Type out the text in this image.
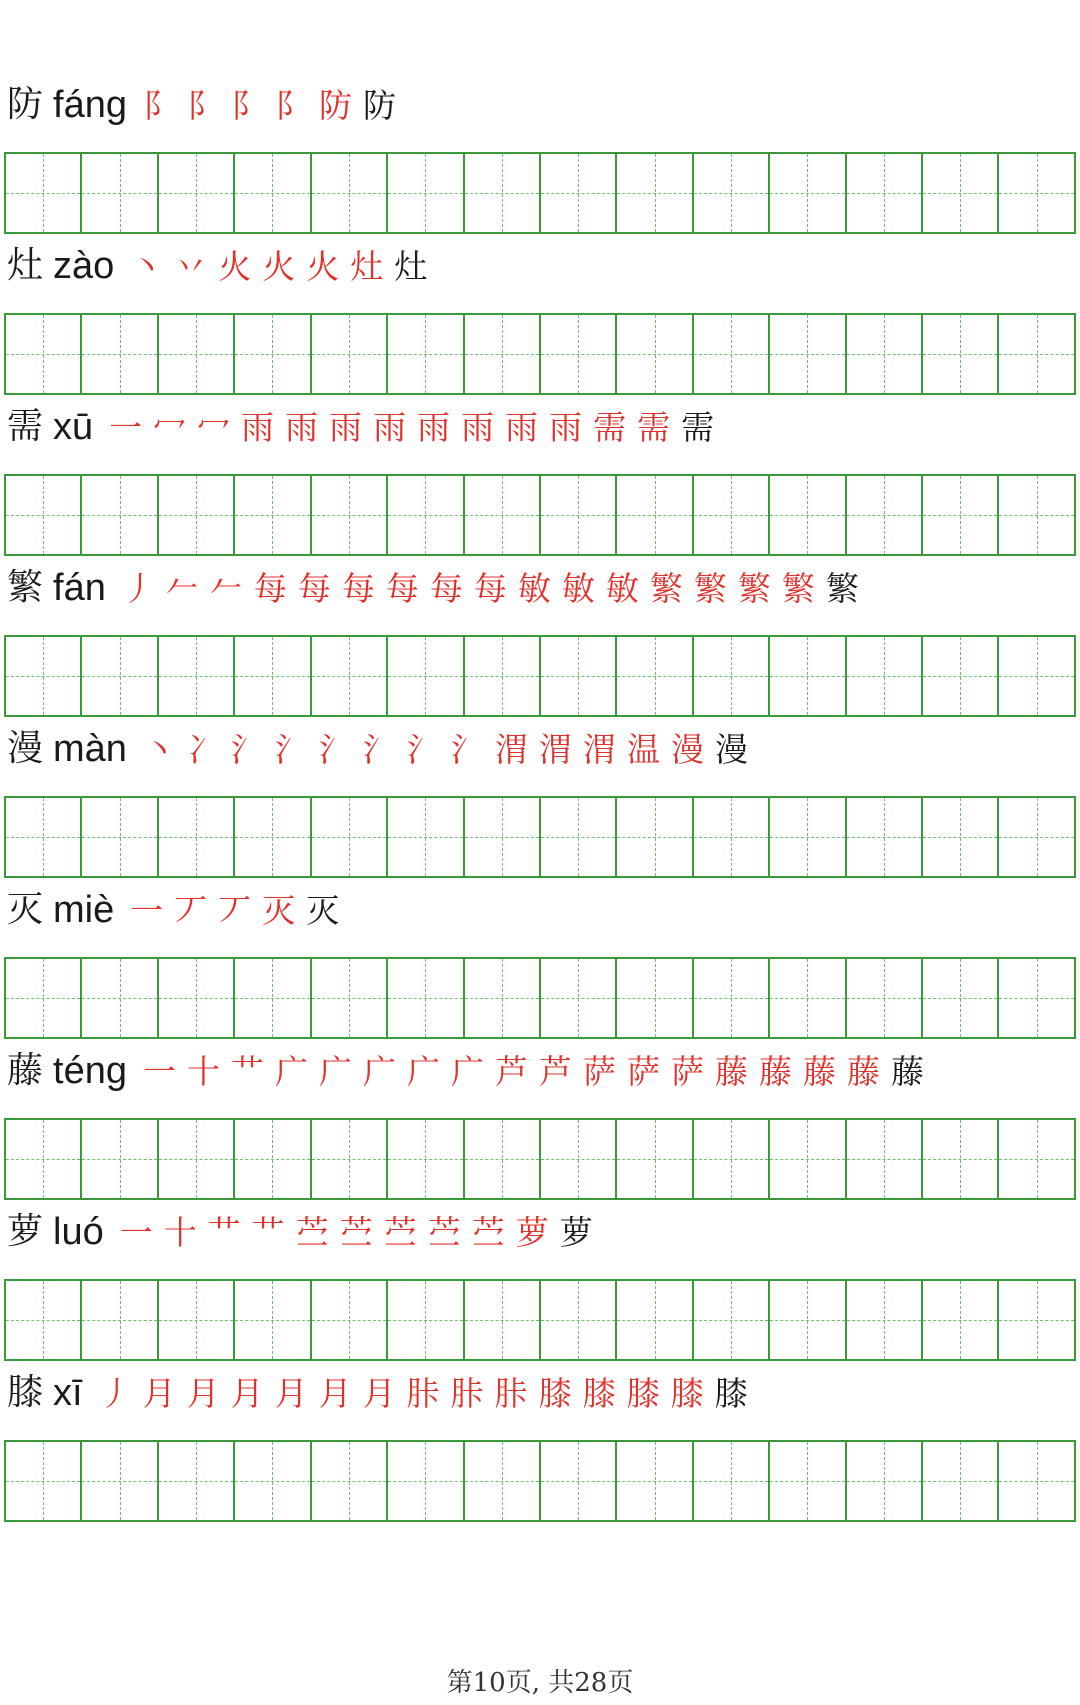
防 fáng 阝 阝 阝 阝 防 防
灶 zào 丶 丷 火 火 火 灶 灶
需 xū 一 冖 冖 雨 雨 雨 雨 雨 雨 雨 雨 需 需 需
繁 fán 丿 𠂉 𠂉 每 每 每 每 每 每 敏 敏 敏 繁 繁 繁 繁 繁
漫 màn 丶 冫 氵 氵 氵 氵 氵 氵 渭 渭 渭 温 漫 漫
灭 miè 一 丆 丆 灭 灭
藤 téng 一 十 艹 广 广 广 广 广 芦 芦 萨 萨 萨 藤 藤 藤 藤 藤
萝 luó 一 十 艹 艹 苎 苎 苎 苎 苎 萝 萝
膝 xī 丿 月 月 月 月 月 月 胩 胩 胩 膝 膝 膝 膝 膝
第10页, 共28页
